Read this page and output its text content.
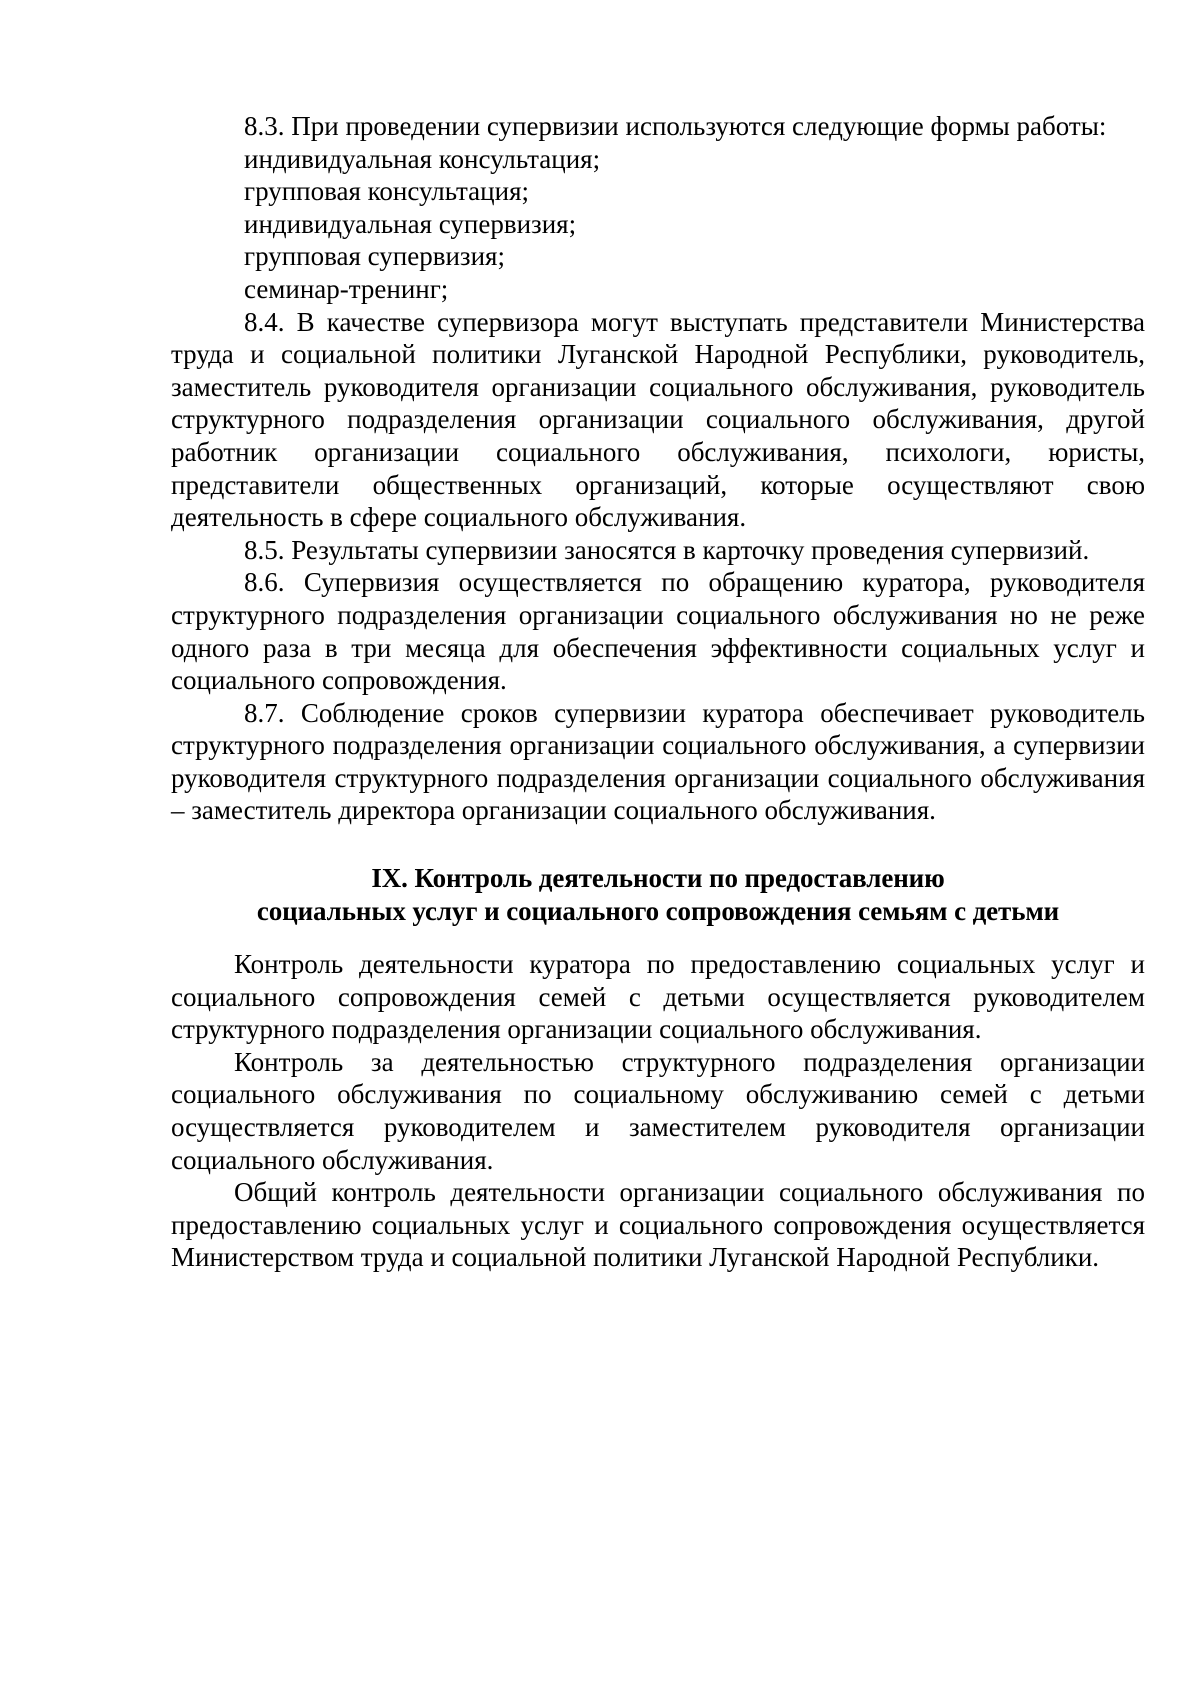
8.3. При проведении супервизии используются следующие формы работы:

индивидуальная консультация;
групповая консультация;
индивидуальная супервизия;
групповая супервизия;
семинар-тренинг;

8.4. В качестве супервизора могут выступать представители Министерства труда и социальной политики Луганской Народной Республики, руководитель, заместитель руководителя организации социального обслуживания, руководитель структурного подразделения организации социального обслуживания, другой работник организации социального обслуживания, психологи, юристы, представители общественных организаций, которые осуществляют свою деятельность в сфере социального обслуживания.

8.5. Результаты супервизии заносятся в карточку проведения супервизий.

8.6. Супервизия осуществляется по обращению куратора, руководителя структурного подразделения организации социального обслуживания но не реже одного раза в три месяца для обеспечения эффективности социальных услуг и социального сопровождения.

8.7. Соблюдение сроков супервизии куратора обеспечивает руководитель структурного подразделения организации социального обслуживания, а супервизии руководителя структурного подразделения организации социального обслуживания – заместитель директора организации социального обслуживания.

IX. Контроль деятельности по предоставлению
социальных услуг и социального сопровождения семьям с детьми

Контроль деятельности куратора по предоставлению социальных услуг и социального сопровождения семей с детьми осуществляется руководителем структурного подразделения организации социального обслуживания.

Контроль за деятельностью структурного подразделения организации социального обслуживания по социальному обслуживанию семей с детьми осуществляется руководителем и заместителем руководителя организации социального обслуживания.

Общий контроль деятельности организации социального обслуживания по предоставлению социальных услуг и социального сопровождения осуществляется Министерством труда и социальной политики Луганской Народной Республики.
